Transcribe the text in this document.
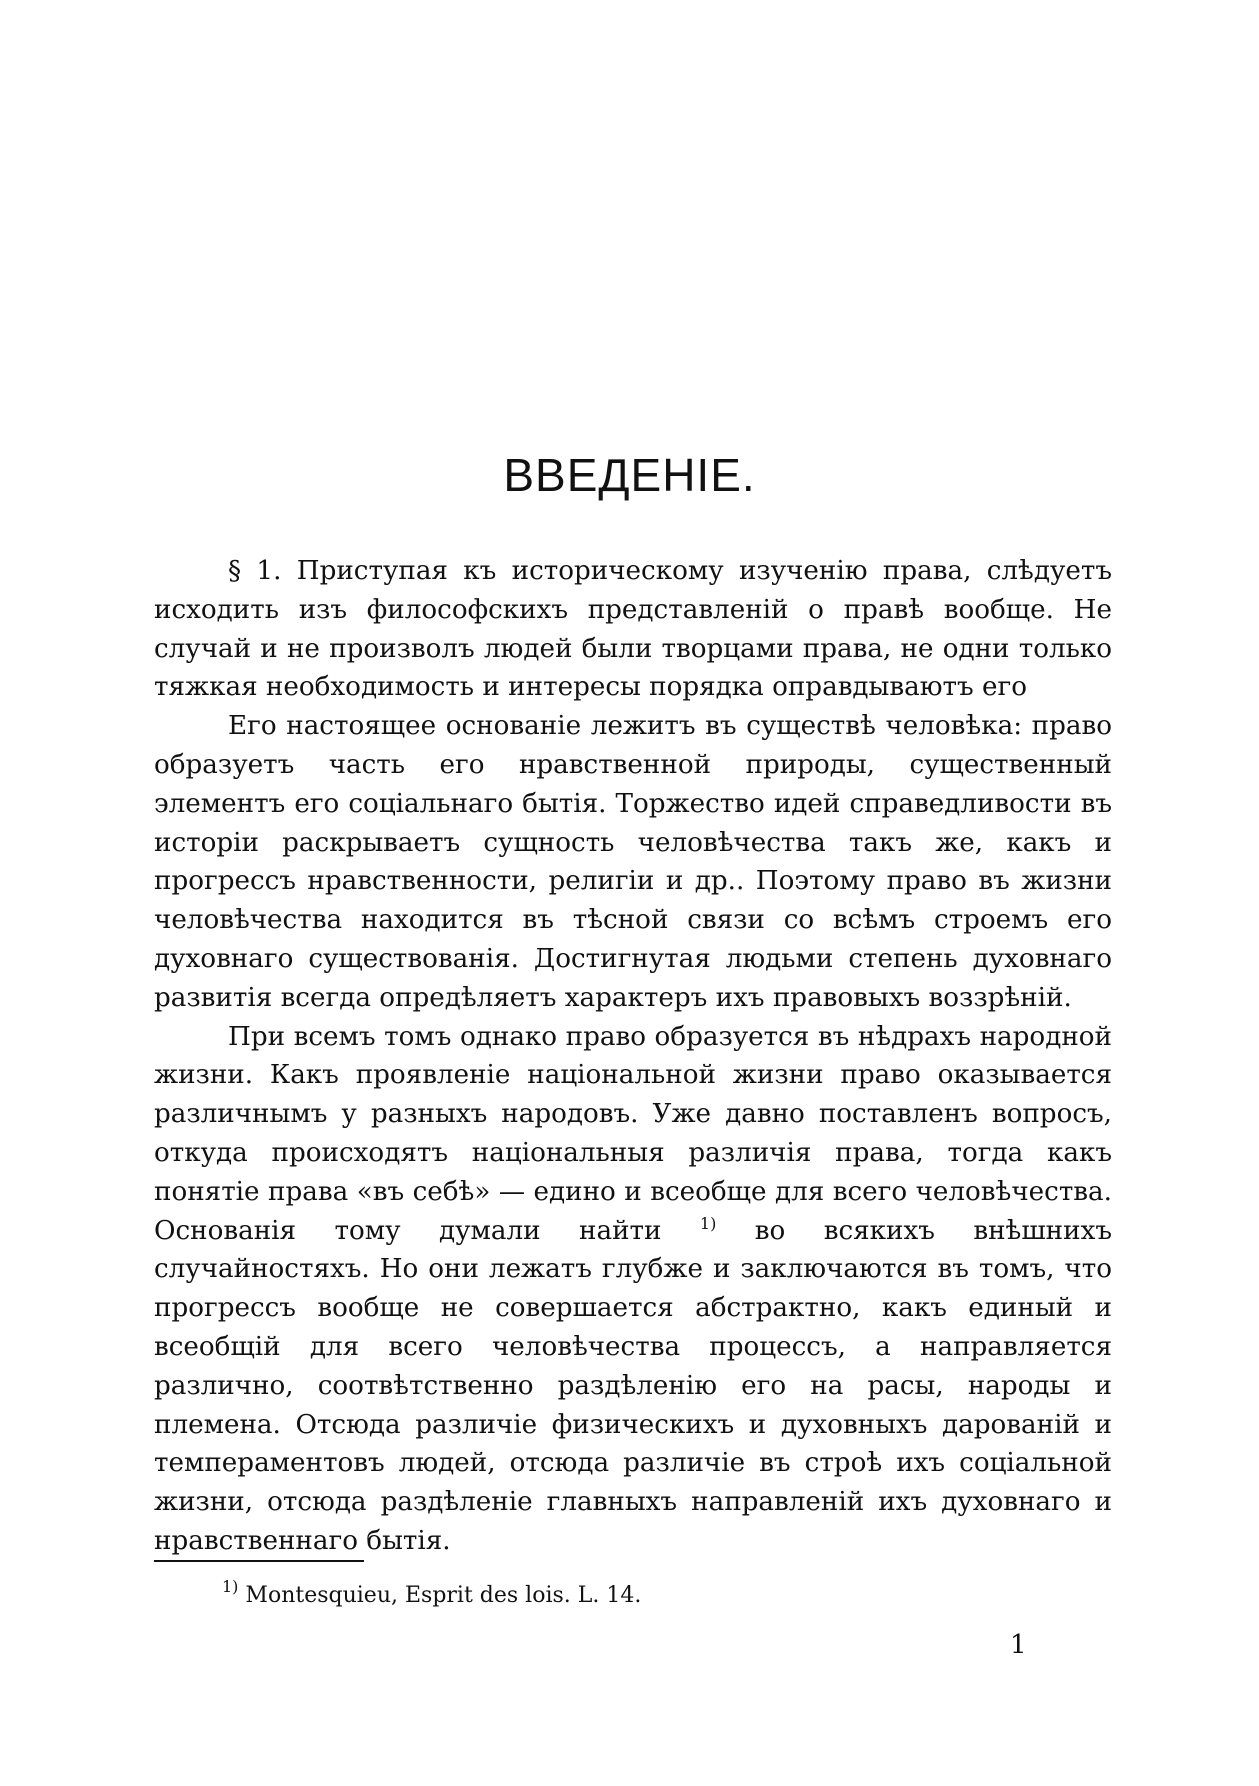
ВВЕДЕНІЕ.

§ 1. Приступая къ историческому изученію права, слѣдуетъ исходить изъ философскихъ представленій о правѣ вообще. Не случай и не произволъ людей были творцами права, не одни только тяжкая необходимость и интересы порядка оправдываютъ его

Его настоящее основаніе лежитъ въ существѣ человѣка: право образуетъ часть его нравственной природы, существенный элементъ его соціальнаго бытія. Торжество идей справедливости въ исторіи раскрываетъ сущность человѣчества такъ же, какъ и прогрессъ нравственности, религіи и др.. Поэтому право въ жизни человѣчества находится въ тѣсной связи со всѣмъ строемъ его духовнаго существованія. Достигнутая людьми степень духовнаго развитія всегда опредѣляетъ характеръ ихъ правовыхъ воззрѣній.

При всемъ томъ однако право образуется въ нѣдрахъ народной жизни. Какъ проявленіе національной жизни право оказывается различнымъ у разныхъ народовъ. Уже давно поставленъ вопросъ, откуда происходятъ національныя различія права, тогда какъ понятіе права «въ себѣ» — едино и всеобще для всего человѣчества. Основанія тому думали найти $^{1)}$ во всякихъ внѣшнихъ случайностяхъ. Но они лежатъ глубже и заключаются въ томъ, что прогрессъ вообще не совершается абстрактно, какъ единый и всеобщій для всего человѣчества процессъ, а направляется различно, соотвѣтственно раздѣленію его на расы, народы и племена. Отсюда различіе физическихъ и духовныхъ дарованій и темпераментовъ людей, отсюда различіе въ строѣ ихъ соціальной жизни, отсюда раздѣленіе главныхъ направленій ихъ духовнаго и нравственнаго бытія.

$^{1)}$ Montesquieu, Esprit des lois. L. 14.

1
